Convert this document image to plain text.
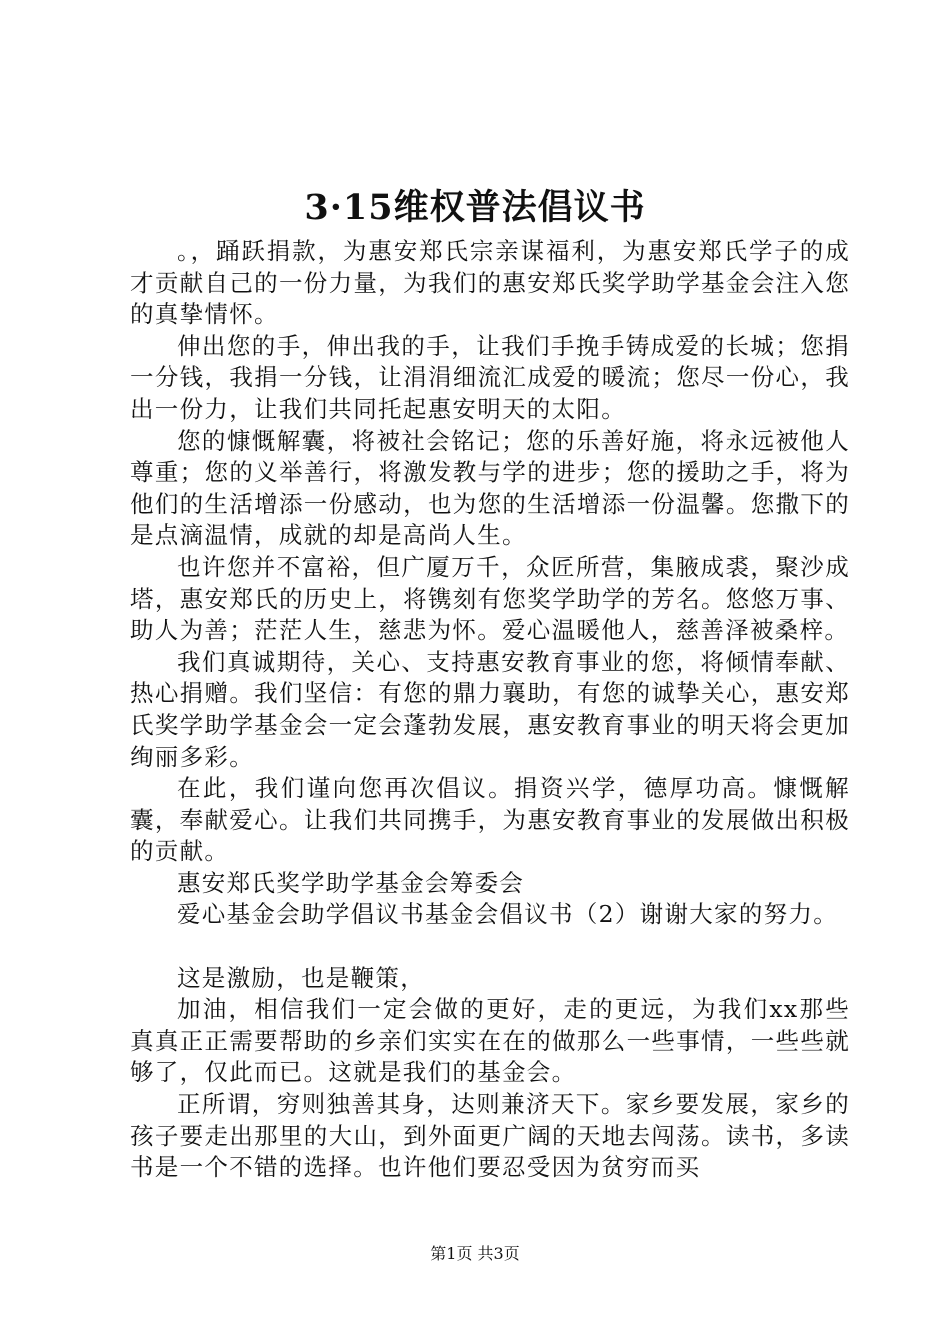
3·15维权普法倡议书

。，踊跃捐款，为惠安郑氏宗亲谋福利，为惠安郑氏学子的成才贡献自己的一份力量，为我们的惠安郑氏奖学助学基金会注入您的真挚情怀。

伸出您的手，伸出我的手，让我们手挽手铸成爱的长城；您捐一分钱，我捐一分钱，让涓涓细流汇成爱的暖流；您尽一份心，我出一份力，让我们共同托起惠安明天的太阳。

您的慷慨解囊，将被社会铭记；您的乐善好施，将永远被他人尊重；您的义举善行，将激发教与学的进步；您的援助之手，将为他们的生活增添一份感动，也为您的生活增添一份温馨。您撒下的是点滴温情，成就的却是高尚人生。

也许您并不富裕，但广厦万千，众匠所营，集腋成裘，聚沙成塔，惠安郑氏的历史上，将镌刻有您奖学助学的芳名。悠悠万事、助人为善；茫茫人生，慈悲为怀。爱心温暖他人，慈善泽被桑梓。

我们真诚期待，关心、支持惠安教育事业的您，将倾情奉献、热心捐赠。我们坚信：有您的鼎力襄助，有您的诚挚关心，惠安郑氏奖学助学基金会一定会蓬勃发展，惠安教育事业的明天将会更加绚丽多彩。

在此，我们谨向您再次倡议。捐资兴学，德厚功高。慷慨解囊，奉献爱心。让我们共同携手，为惠安教育事业的发展做出积极的贡献。

惠安郑氏奖学助学基金会筹委会

爱心基金会助学倡议书基金会倡议书（2）谢谢大家的努力。

这是激励，也是鞭策，

加油，相信我们一定会做的更好，走的更远，为我们xx那些真真正正需要帮助的乡亲们实实在在的做那么一些事情，一些些就够了，仅此而已。这就是我们的基金会。

正所谓，穷则独善其身，达则兼济天下。家乡要发展，家乡的孩子要走出那里的大山，到外面更广阔的天地去闯荡。读书，多读书是一个不错的选择。也许他们要忍受因为贫穷而买

第1页 共3页
